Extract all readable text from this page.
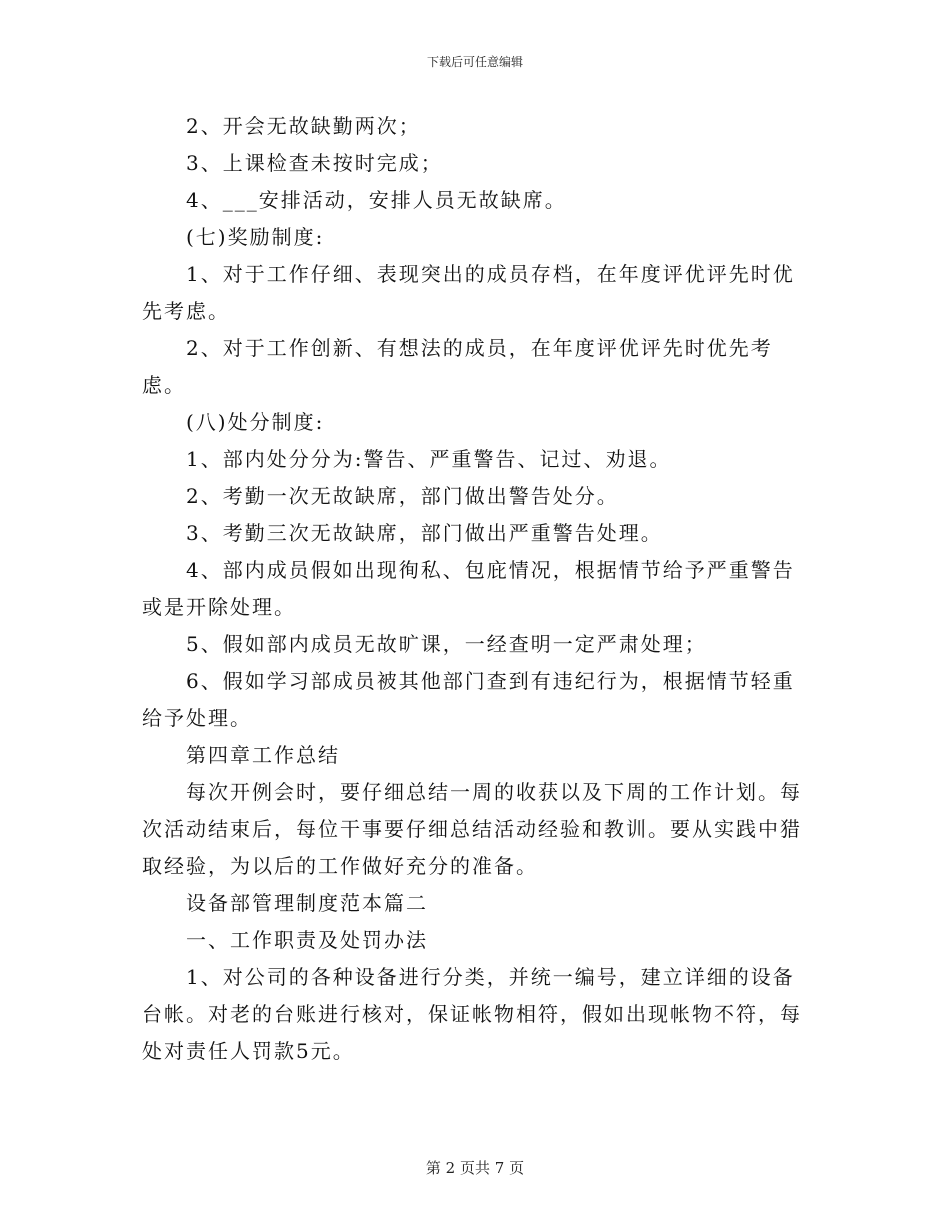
下载后可任意编辑

2、开会无故缺勤两次；

3、上课检查未按时完成；

4、___安排活动，安排人员无故缺席。

(七)奖励制度:

1、对于工作仔细、表现突出的成员存档，在年度评优评先时优先考虑。

2、对于工作创新、有想法的成员，在年度评优评先时优先考虑。

(八)处分制度:

1、部内处分分为:警告、严重警告、记过、劝退。

2、考勤一次无故缺席，部门做出警告处分。

3、考勤三次无故缺席，部门做出严重警告处理。

4、部内成员假如出现徇私、包庇情况，根据情节给予严重警告或是开除处理。

5、假如部内成员无故旷课，一经查明一定严肃处理；

6、假如学习部成员被其他部门查到有违纪行为，根据情节轻重给予处理。

第四章工作总结

每次开例会时，要仔细总结一周的收获以及下周的工作计划。每次活动结束后，每位干事要仔细总结活动经验和教训。要从实践中猎取经验，为以后的工作做好充分的准备。

设备部管理制度范本篇二

一、工作职责及处罚办法

1、对公司的各种设备进行分类，并统一编号，建立详细的设备台帐。对老的台账进行核对，保证帐物相符，假如出现帐物不符，每处对责任人罚款5元。

第 2 页共 7 页
